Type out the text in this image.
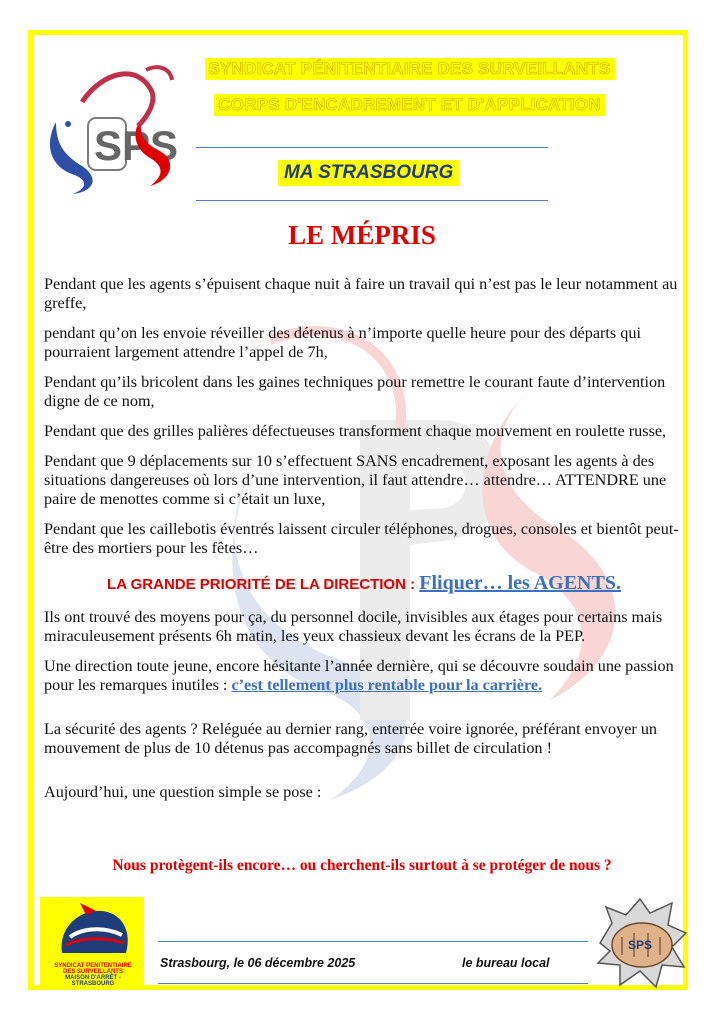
SPS
SYNDICAT PÉNITENTIAIRE DES SURVEILLANTS
CORPS D'ENCADREMENT ET D'APPLICATION
MA STRASBOURG
LE MÉPRIS

Pendant que les agents s’épuisent chaque nuit à faire un travail qui n’est pas le leur notamment au greffe,

pendant qu’on les envoie réveiller des détenus à n’importe quelle heure pour des départs qui pourraient largement attendre l’appel de 7h,

Pendant qu’ils bricolent dans les gaines techniques pour remettre le courant faute d’intervention digne de ce nom,

Pendant que des grilles palières défectueuses transforment chaque mouvement en roulette russe,

Pendant que 9 déplacements sur 10 s’effectuent SANS encadrement, exposant les agents à des situations dangereuses où lors d’une intervention, il faut attendre… attendre… ATTENDRE une paire de menottes comme si c’était un luxe,

Pendant que les caillebotis éventrés laissent circuler téléphones, drogues, consoles et bientôt peut-être des mortiers pour les fêtes…

LA GRANDE PRIORITÉ DE LA DIRECTION : Fliquer… les AGENTS.

Ils ont trouvé des moyens pour ça, du personnel docile, invisibles aux étages pour certains mais miraculeusement présents 6h matin, les yeux chassieux devant les écrans de la PEP.

Une direction toute jeune, encore hésitante l’année dernière, qui se découvre soudain une passion pour les remarques inutiles : c’est tellement plus rentable pour la carrière.

La sécurité des agents ? Reléguée au dernier rang, enterrée voire ignorée, préférant envoyer un mouvement de plus de 10 détenus pas accompagnés sans billet de circulation !

Aujourd’hui, une question simple se pose :

Nous protègent-ils encore… ou cherchent-ils surtout à se protéger de nous ?
SYNDICAT PENITENTIAIRE DES SURVEILLANTS
MAISON D'ARRÊT - STRASBOURG
Strasbourg, le 06 décembre 2025	le bureau local
SPS
